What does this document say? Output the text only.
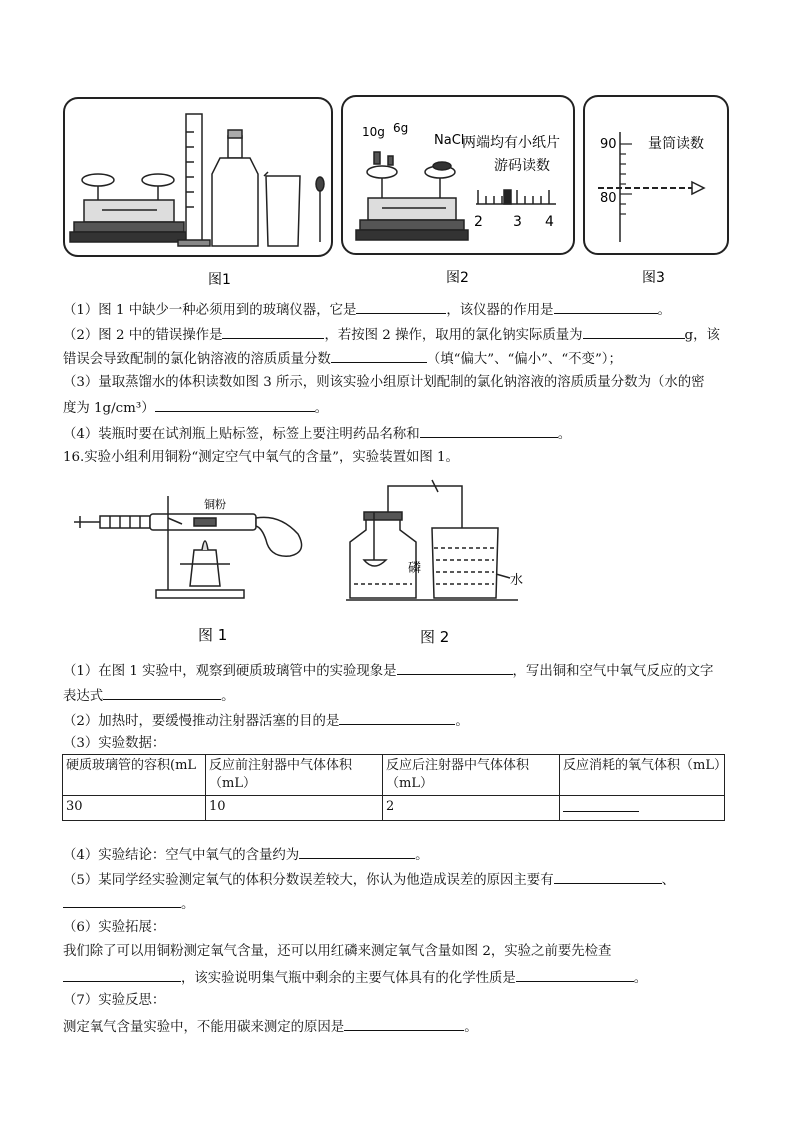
10g 6g
NaCl
两端均有小纸片
游码读数
2 3 4
量筒读数
90
80
图1	图2	图3
（1）图 1 中缺少一种必须用到的玻璃仪器，它是	，该仪器的作用是	。
（2）图 2 中的错误操作是	，若按图 2 操作，取用的氯化钠实际质量为	g，该
错误会导致配制的氯化钠溶液的溶质质量分数	（填“偏大”、“偏小”、“不变”）；
（3）量取蒸馏水的体积读数如图 3 所示，则该实验小组原计划配制的氯化钠溶液的溶质质量分数为（水的密
度为 1g/cm³）	。
（4）装瓶时要在试剂瓶上贴标签，标签上要注明药品名称和	。
16.实验小组利用铜粉“测定空气中氧气的含量”，实验装置如图 1。
铜粉
磷
水
图 1	图 2
（1）在图 1 实验中，观察到硬质玻璃管中的实验现象是	，写出铜和空气中氧气反应的文字
表达式	。
（2）加热时，要缓慢推动注射器活塞的目的是	。
（3）实验数据：
硬质玻璃管的容积(mL	反应前注射器中气体体积（mL）	反应后注射器中气体体积（mL）	反应消耗的氧气体积（mL）
30	10	2	
（4）实验结论：空气中氧气的含量约为	。
（5）某同学经实验测定氧气的体积分数误差较大，你认为他造成误差的原因主要有	、
。
（6）实验拓展：
我们除了可以用铜粉测定氧气含量，还可以用红磷来测定氧气含量如图 2，实验之前要先检查
，该实验说明集气瓶中剩余的主要气体具有的化学性质是	。
（7）实验反思：
测定氧气含量实验中，不能用碳来测定的原因是	。
